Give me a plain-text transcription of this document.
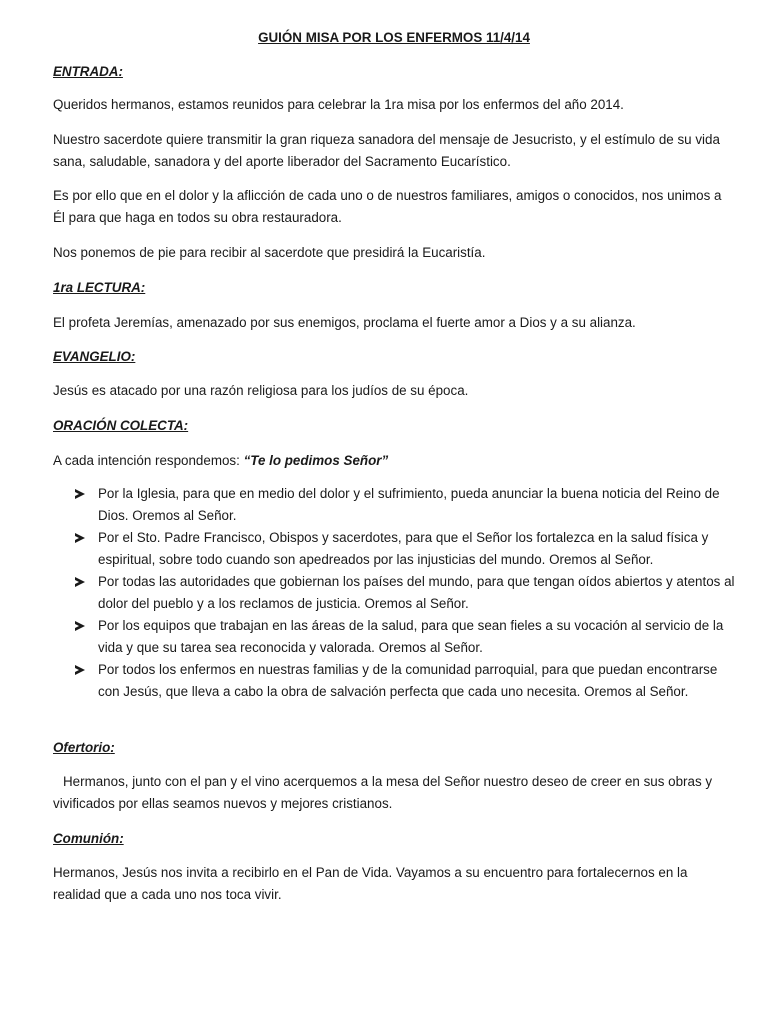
GUIÓN MISA POR LOS ENFERMOS 11/4/14
ENTRADA:

Queridos hermanos, estamos reunidos para celebrar la 1ra misa por los enfermos del año 2014.

Nuestro sacerdote quiere transmitir la gran riqueza sanadora del mensaje de Jesucristo, y el estímulo de su vida sana, saludable, sanadora y del aporte liberador del Sacramento Eucarístico.

Es por ello que en el dolor y la aflicción de cada uno o de nuestros familiares, amigos o conocidos, nos unimos a Él para que haga en todos su obra restauradora.

Nos ponemos de pie para recibir al sacerdote que presidirá la Eucaristía.

1ra LECTURA:

El profeta Jeremías, amenazado por sus enemigos, proclama el fuerte amor a Dios y a su alianza.

EVANGELIO:

Jesús es atacado por una razón religiosa para los judíos de su época.

ORACIÓN COLECTA:

A cada intención respondemos: “Te lo pedimos Señor”

Por la Iglesia, para que en medio del dolor y el sufrimiento, pueda anunciar la buena noticia del Reino de Dios. Oremos al Señor.
Por el Sto. Padre Francisco, Obispos y sacerdotes, para que el Señor los fortalezca en la salud física y espiritual, sobre todo cuando son apedreados por las injusticias del mundo. Oremos al Señor.
Por todas las autoridades que gobiernan los países del mundo, para que tengan oídos abiertos y atentos al dolor del pueblo y a los reclamos de justicia. Oremos al Señor.
Por los equipos que trabajan en las áreas de la salud, para que sean fieles a su vocación al servicio de la vida y que su tarea sea reconocida y valorada. Oremos al Señor.
Por todos los enfermos en nuestras familias y de la comunidad parroquial, para que puedan encontrarse con Jesús, que lleva a cabo la obra de salvación perfecta que cada uno necesita. Oremos al Señor.
Ofertorio:

Hermanos, junto con el pan y el vino acerquemos a la mesa del Señor nuestro deseo de creer en sus obras y vivificados por ellas seamos nuevos y mejores cristianos.

Comunión:

Hermanos, Jesús nos invita a recibirlo en el Pan de Vida. Vayamos a su encuentro para fortalecernos en la realidad que a cada uno nos toca vivir.
